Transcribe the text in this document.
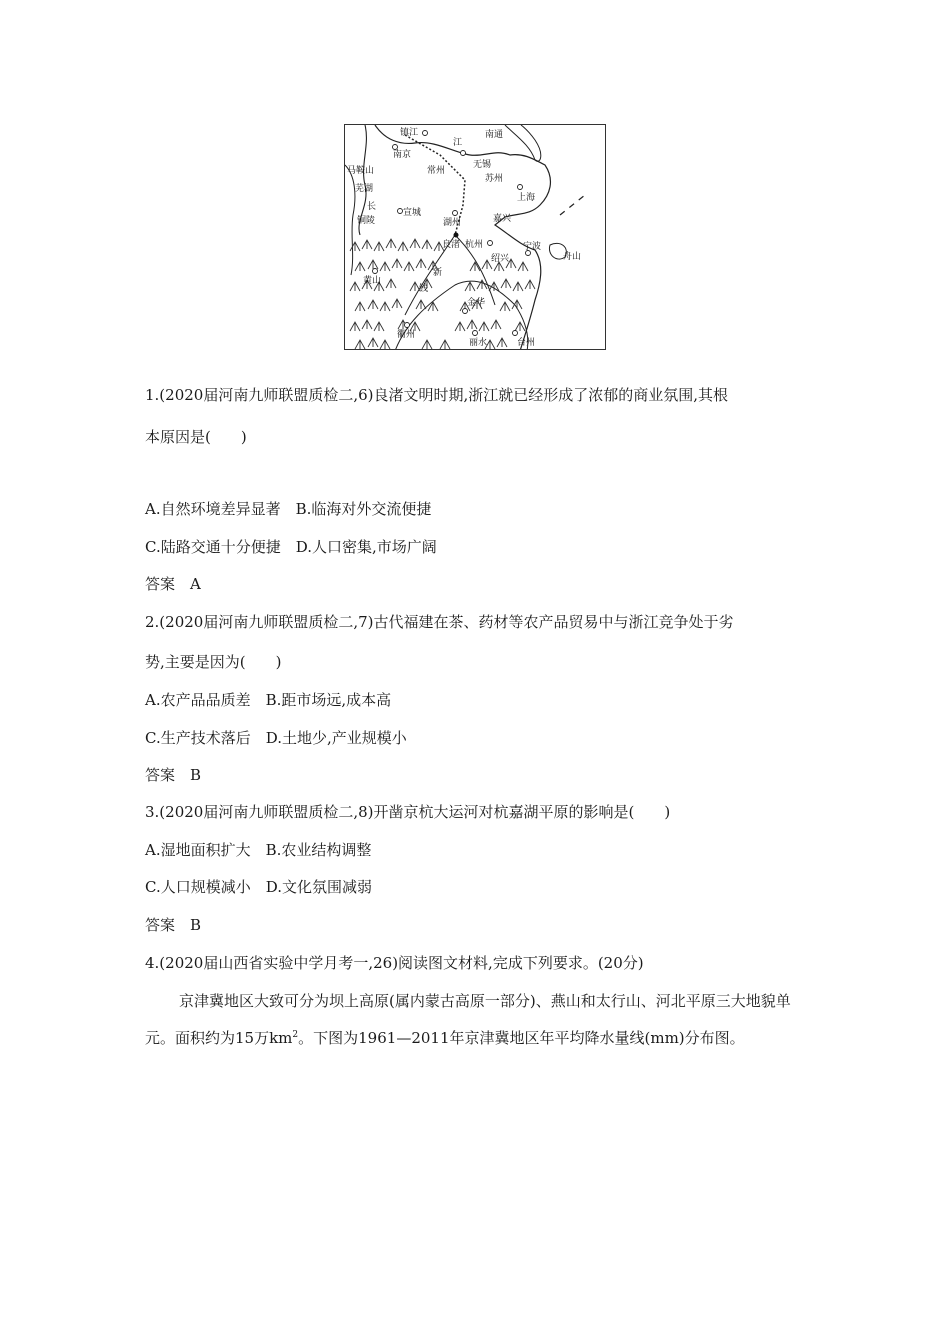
镇江	南通
江
南京
马鞍山	常州
无锡
苏州
上海
芜湖
长
铜陵
宣城
湖州	嘉兴
良渚 杭州
绍兴
宁波
舟山
黄山
新
钱
金华
衢州
丽水	台州
1.(2020届河南九师联盟质检二,6)良渚文明时期,浙江就已经形成了浓郁的商业氛围,其根
本原因是(　　)
A.自然环境差异显著　B.临海对外交流便捷
C.陆路交通十分便捷　D.人口密集,市场广阔
答案　A
2.(2020届河南九师联盟质检二,7)古代福建在茶、药材等农产品贸易中与浙江竞争处于劣
势,主要是因为(　　)
A.农产品品质差　B.距市场远,成本高
C.生产技术落后　D.土地少,产业规模小
答案　B
3.(2020届河南九师联盟质检二,8)开凿京杭大运河对杭嘉湖平原的影响是(　　)
A.湿地面积扩大　B.农业结构调整
C.人口规模减小　D.文化氛围减弱
答案　B
4.(2020届山西省实验中学月考一,26)阅读图文材料,完成下列要求。(20分)
京津冀地区大致可分为坝上高原(属内蒙古高原一部分)、燕山和太行山、河北平原三大地貌单元。面积约为15万$km^2$。下图为1961—2011年京津冀地区年平均降水量线(mm)分布图。
